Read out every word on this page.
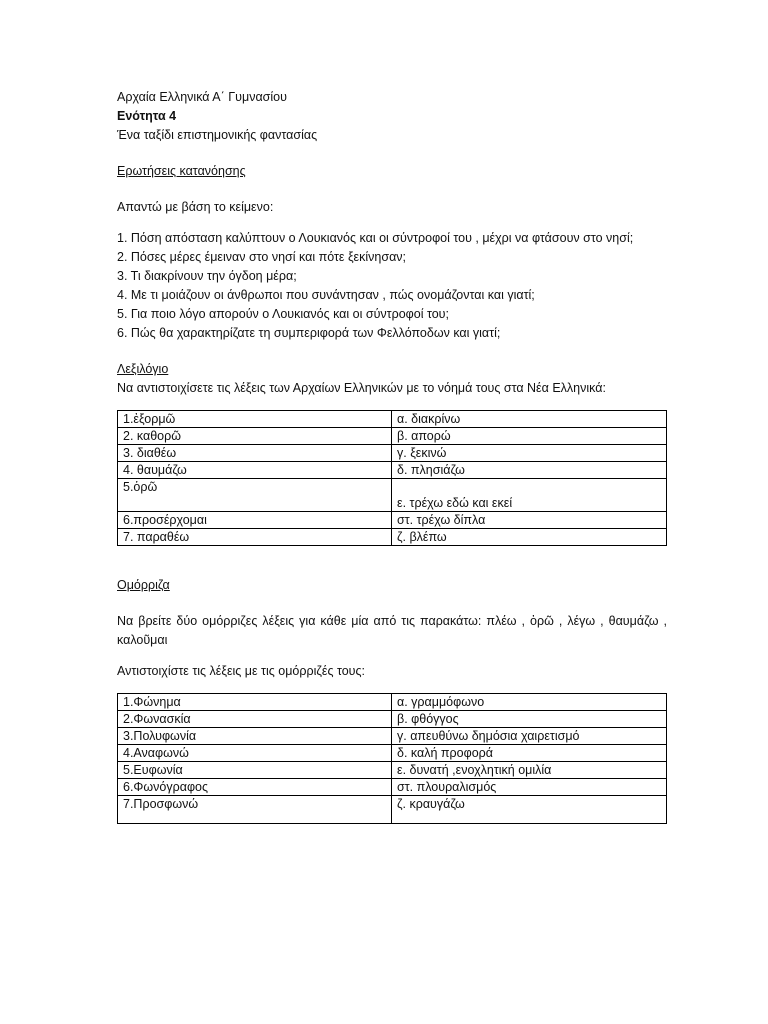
Αρχαία Ελληνικά Α΄ Γυμνασίου
Ενότητα 4
Ένα ταξίδι επιστημονικής φαντασίας
Ερωτήσεις κατανόησης
Απαντώ με βάση το κείμενο:
1. Πόση απόσταση καλύπτουν ο Λουκιανός και οι σύντροφοί του , μέχρι να φτάσουν στο νησί;
2. Πόσες μέρες έμειναν στο νησί και πότε ξεκίνησαν;
3. Τι διακρίνουν την όγδοη μέρα;
4. Με τι μοιάζουν οι άνθρωποι που συνάντησαν , πώς ονομάζονται και γιατί;
5. Για ποιο λόγο απορούν ο Λουκιανός και οι σύντροφοί του;
6. Πώς θα χαρακτηρίζατε τη συμπεριφορά των Φελλόποδων και γιατί;
Λεξιλόγιο
Να αντιστοιχίσετε τις λέξεις των Αρχαίων Ελληνικών με το νόημά τους στα Νέα Ελληνικά:
1.ἐξορμῶ	α. διακρίνω
2. καθορῶ	β. απορώ
3. διαθέω	γ. ξεκινώ
4. θαυμάζω	δ. πλησιάζω
5.ὁρῶ	ε. τρέχω εδώ και εκεί
6.προσέρχομαι	στ. τρέχω δίπλα
7. παραθέω	ζ. βλέπω
Ομόρριζα
Να βρείτε δύο ομόρριζες λέξεις για κάθε μία από τις παρακάτω: πλέω , ὁρῶ , λέγω , θαυμάζω , καλοῦμαι
Αντιστοιχίστε τις λέξεις με τις ομόρριζές τους:
1.Φώνημα	α. γραμμόφωνο
2.Φωνασκία	β. φθόγγος
3.Πολυφωνία	γ. απευθύνω δημόσια χαιρετισμό
4.Αναφωνώ	δ. καλή προφορά
5.Ευφωνία	ε. δυνατή ,ενοχλητική ομιλία
6.Φωνόγραφος	στ. πλουραλισμός
7.Προσφωνώ	ζ. κραυγάζω
